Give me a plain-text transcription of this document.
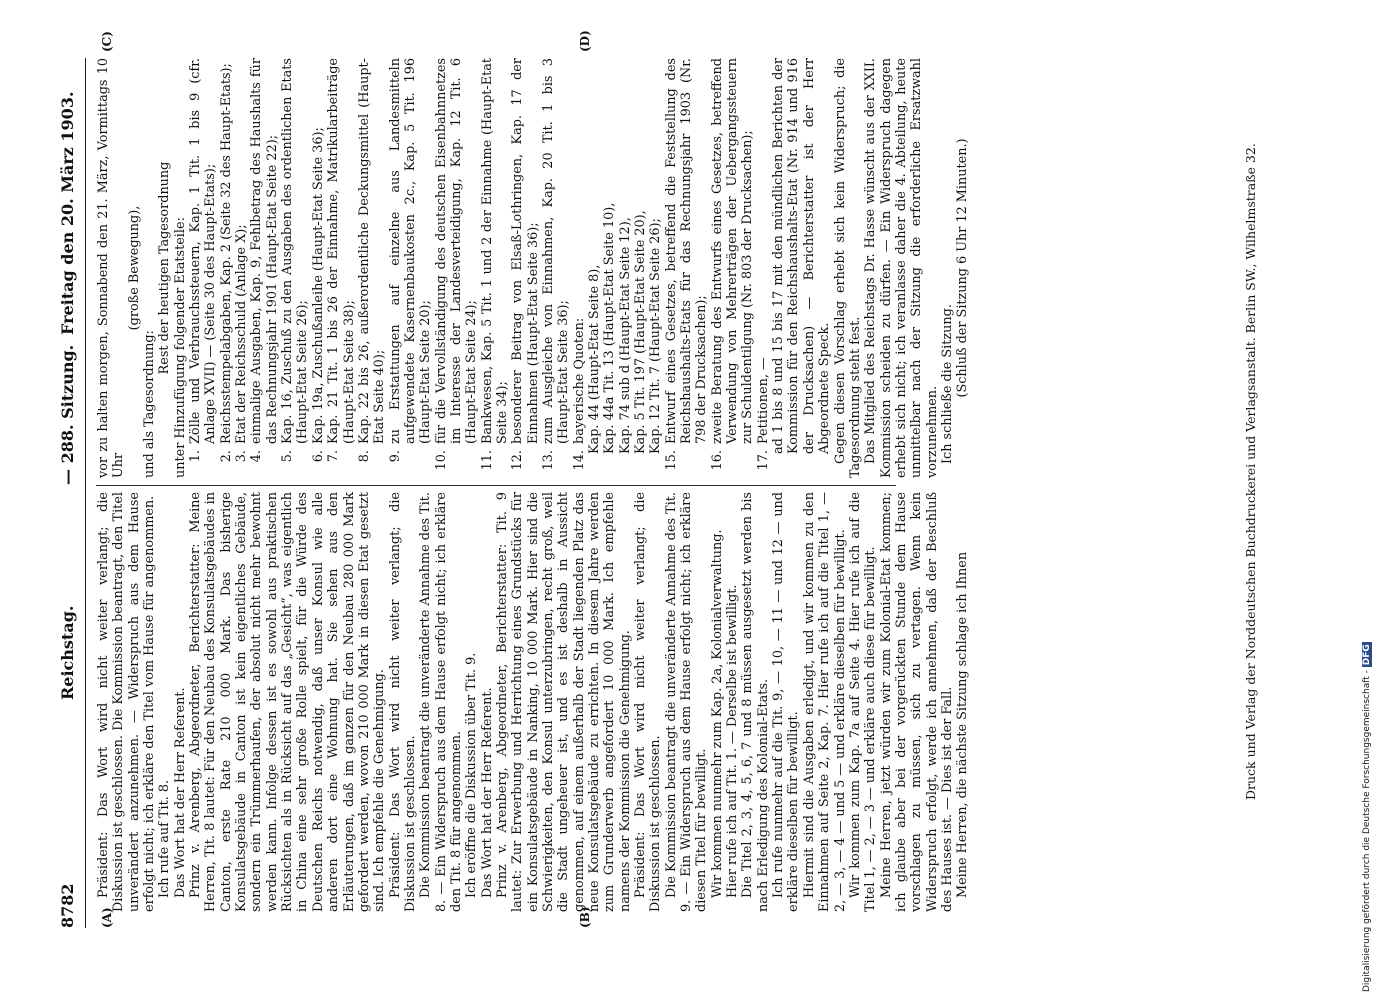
8782
Reichstag.
— 288. Sitzung.
Freitag den 20. März 1903.
(A)	(B)
(C)	(D)

Präsident: Das Wort wird nicht weiter verlangt; die Diskussion ist geschlossen. Die Kommission beantragt, den Titel unverändert anzunehmen. — Widerspruch aus dem Hause erfolgt nicht; ich erkläre den Titel vom Hause für angenommen. Ich rufe auf Tit. 8. Das Wort hat der Herr Referent. Prinz v. Arenberg, Abgeordneter, Berichterstatter: Meine Herren, Tit. 8 lautet: Für den Neubau des Konsulatsgebäudes in Canton, erste Rate 210 000 Mark. Das bisherige Konsulatsgebäude in Canton ist kein eigentliches Gebäude, sondern ein Trümmerhaufen, der absolut nicht mehr bewohnt werden kann. Infolge dessen ist es sowohl aus praktischen Rücksichten als in Rücksicht auf das „Gesicht“, was eigentlich in China eine sehr große Rolle spielt, für die Würde des Deutschen Reichs notwendig, daß unser Konsul wie alle anderen dort eine Wohnung hat. Sie sehen aus den Erläuterungen, daß im ganzen für den Neubau 280 000 Mark gefordert werden, wovon 210 000 Mark in diesen Etat gesetzt sind. Ich empfehle die Genehmigung. Präsident: Das Wort wird nicht weiter verlangt; die Diskussion ist geschlossen. Die Kommission beantragt die unveränderte Annahme des Tit. 8. — Ein Widerspruch aus dem Hause erfolgt nicht; ich erkläre den Tit. 8 für angenommen. Ich eröffne die Diskussion über Tit. 9. Das Wort hat der Herr Referent. Prinz v. Arenberg, Abgeordneter, Berichterstatter: Tit. 9 lautet: Zur Erwerbung und Herrichtung eines Grundstücks für ein Konsulatsgebäude in Nanking, 10 000 Mark. Hier sind die Schwierigkeiten, den Konsul unterzubringen, recht groß, weil die Stadt ungeheuer ist, und es ist deshalb in Aussicht genommen, auf einem außerhalb der Stadt liegenden Platz das neue Konsulatsgebäude zu errichten. In diesem Jahre werden zum Grunderwerb angefordert 10 000 Mark. Ich empfehle namens der Kommission die Genehmigung. Präsident: Das Wort wird nicht weiter verlangt; die Diskussion ist geschlossen. Die Kommission beantragt die unveränderte Annahme des Tit. 9. — Ein Widerspruch aus dem Hause erfolgt nicht; ich erkläre diesen Titel für bewilligt. Wir kommen nunmehr zum Kap. 2a, Kolonialverwaltung. Hier rufe ich auf Tit. 1. — Derselbe ist bewilligt. Die Titel 2, 3, 4, 5, 6, 7 und 8 müssen ausgesetzt werden bis nach Erledigung des Kolonial-Etats. Ich rufe nunmehr auf die Tit. 9, — 10, — 11 — und 12 — und erkläre dieselben für bewilligt. Hiermit sind die Ausgaben erledigt, und wir kommen zu den Einnahmen auf Seite 2, Kap. 7. Hier rufe ich auf die Titel 1, — 2, — 3, — 4 — und 5 — und erkläre dieselben für bewilligt. Wir kommen zum Kap. 7a auf Seite 4. Hier rufe ich auf die Titel 1, — 2, — 3 — und erkläre auch diese für bewilligt. Meine Herren, jetzt würden wir zum Kolonial-Etat kommen; ich glaube aber bei der vorgerückten Stunde dem Hause vorschlagen zu müssen, sich zu vertagen. Wenn kein Widerspruch erfolgt, werde ich annehmen, daß der Beschluß des Hauses ist. — Dies ist der Fall. Meine Herren, die nächste Sitzung schlage ich Ihnen

vor zu halten morgen, Sonnabend den 21. März, Vormittags 10 Uhr

(große Bewegung),

und als Tagesordnung:

Rest der heutigen Tagesordnung unter Hinzufügung folgender Etatsteile: 1.
Zölle und Verbrauchssteuern, Kap. 1 Tit. 1 bis 9 (cfr. Anlage XVII) — (Seite 30 des Haupt-Etats);
2.
Reichsstempelabgaben, Kap. 2 (Seite 32 des Haupt-Etats);
3.
Etat der Reichsschuld (Anlage X);
4.
einmalige Ausgaben, Kap. 9, Fehlbetrag des Haushalts für das Rechnungsjahr 1901 (Haupt-Etat Seite 22);
5.
Kap. 16, Zuschuß zu den Ausgaben des ordentlichen Etats (Haupt-Etat Seite 26);
6.
Kap. 19a, Zuschußanleihe (Haupt-Etat Seite 36);
7.
Kap. 21 Tit. 1 bis 26 der Einnahme, Matrikularbeiträge (Haupt-Etat Seite 38);
8.
Kap. 22 bis 26, außerordentliche Deckungsmittel (Haupt-Etat Seite 40);
9.
zu Erstattungen auf einzelne aus Landesmitteln aufgewendete Kasernenbaukosten 2c., Kap. 5 Tit. 196 (Haupt-Etat Seite 20);
10.
für die Vervollständigung des deutschen Eisenbahnnetzes im Interesse der Landesverteidigung, Kap. 12 Tit. 6 (Haupt-Etat Seite 24);
11.
Bankwesen, Kap. 5 Tit. 1 und 2 der Einnahme (Haupt-Etat Seite 34);
12.
besonderer Beitrag von Elsaß-Lothringen, Kap. 17 der Einnahmen (Haupt-Etat Seite 36);
13.
zum Ausgleiche von Einnahmen, Kap. 20 Tit. 1 bis 3 (Haupt-Etat Seite 36);
14.
bayerische Quoten: Kap. 44 (Haupt-Etat Seite 8), Kap. 44a Tit. 13 (Haupt-Etat Seite 10), Kap. 74 sub d (Haupt-Etat Seite 12), Kap. 5 Tit. 197 (Haupt-Etat Seite 20), Kap. 12 Tit. 7 (Haupt-Etat Seite 26);

15.
Entwurf eines Gesetzes, betreffend die Feststellung des Reichshaushalts-Etats für das Rechnungsjahr 1903 (Nr. 798 der Drucksachen);
16.
zweite Beratung des Entwurfs eines Gesetzes, betreffend Verwendung von Mehrerträgen der Uebergangssteuern zur Schuldentilgung (Nr. 803 der Drucksachen);
17.
Petitionen, — ad 1 bis 8 und 15 bis 17 mit den mündlichen Berichten der Kommission für den Reichshaushalts-Etat (Nr. 914 und 916 der Drucksachen) — Berichterstatter ist der Herr Abgeordnete Speck. Gegen diesen Vorschlag erhebt sich kein Widerspruch; die Tagesordnung steht fest. Das Mitglied des Reichstags Dr. Hasse wünscht aus der XXII. Kommission scheiden zu dürfen. — Ein Widerspruch dagegen erhebt sich nicht; ich veranlasse daher die 4. Abteilung, heute unmittelbar nach der Sitzung die erforderliche Ersatzwahl vorzunehmen. Ich schließe die Sitzung. (Schluß der Sitzung 6 Uhr 12 Minuten.)	Druck und Verlag der Norddeutschen Buchdruckerei und Verlagsanstalt. Berlin SW., Wilhelmstraße 32.
Digitalisierung gefördert durch die Deutsche Forschungsgemeinschaft - DFG
